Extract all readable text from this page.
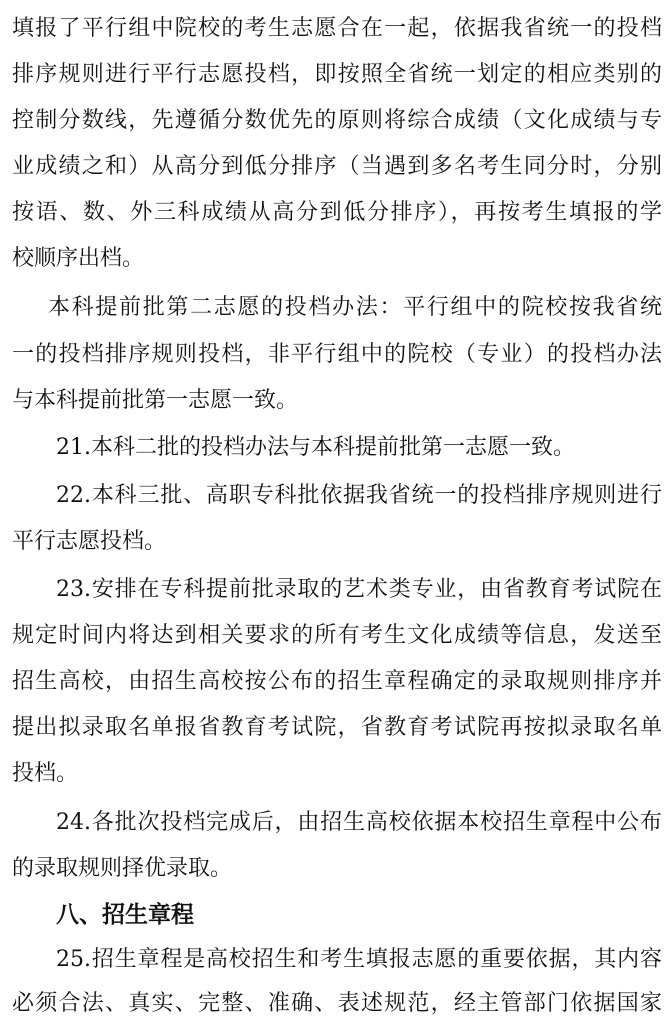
填报了平行组中院校的考生志愿合在一起，依据我省统一的投档
排序规则进行平行志愿投档，即按照全省统一划定的相应类别的
控制分数线，先遵循分数优先的原则将综合成绩（文化成绩与专
业成绩之和）从高分到低分排序（当遇到多名考生同分时，分别
按语、数、外三科成绩从高分到低分排序），再按考生填报的学
校顺序出档。
本科提前批第二志愿的投档办法：平行组中的院校按我省统
一的投档排序规则投档，非平行组中的院校（专业）的投档办法
与本科提前批第一志愿一致。
21.本科二批的投档办法与本科提前批第一志愿一致。
22.本科三批、高职专科批依据我省统一的投档排序规则进行
平行志愿投档。
23.安排在专科提前批录取的艺术类专业，由省教育考试院在
规定时间内将达到相关要求的所有考生文化成绩等信息，发送至
招生高校，由招生高校按公布的招生章程确定的录取规则排序并
提出拟录取名单报省教育考试院，省教育考试院再按拟录取名单
投档。
24.各批次投档完成后，由招生高校依据本校招生章程中公布
的录取规则择优录取。
八、招生章程
25.招生章程是高校招生和考生填报志愿的重要依据，其内容
必须合法、真实、完整、准确、表述规范，经主管部门依据国家
